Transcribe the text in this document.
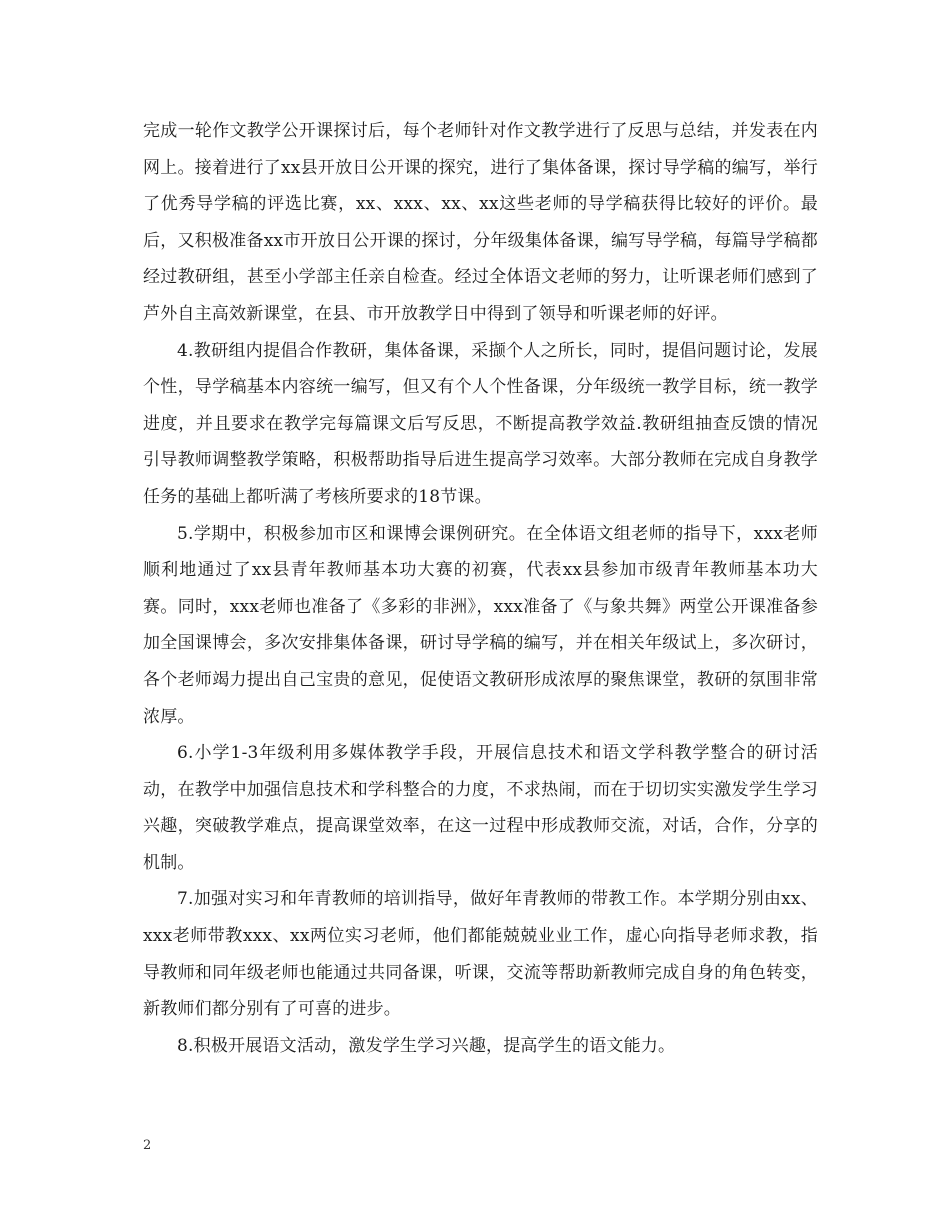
完成一轮作文教学公开课探讨后，每个老师针对作文教学进行了反思与总结，并发表在内网上。接着进行了xx县开放日公开课的探究，进行了集体备课，探讨导学稿的编写，举行了优秀导学稿的评选比赛，xx、xxx、xx、xx这些老师的导学稿获得比较好的评价。最后，又积极准备xx市开放日公开课的探讨，分年级集体备课，编写导学稿，每篇导学稿都经过教研组，甚至小学部主任亲自检查。经过全体语文老师的努力，让听课老师们感到了芦外自主高效新课堂，在县、市开放教学日中得到了领导和听课老师的好评。

4.教研组内提倡合作教研，集体备课，采撷个人之所长，同时，提倡问题讨论，发展个性，导学稿基本内容统一编写，但又有个人个性备课，分年级统一教学目标，统一教学进度，并且要求在教学完每篇课文后写反思，不断提高教学效益.教研组抽查反馈的情况引导教师调整教学策略，积极帮助指导后进生提高学习效率。大部分教师在完成自身教学任务的基础上都听满了考核所要求的18节课。

5.学期中，积极参加市区和课博会课例研究。在全体语文组老师的指导下，xxx老师顺利地通过了xx县青年教师基本功大赛的初赛，代表xx县参加市级青年教师基本功大赛。同时，xxx老师也准备了《多彩的非洲》，xxx准备了《与象共舞》两堂公开课准备参加全国课博会，多次安排集体备课，研讨导学稿的编写，并在相关年级试上，多次研讨，各个老师竭力提出自己宝贵的意见，促使语文教研形成浓厚的聚焦课堂，教研的氛围非常浓厚。

6.小学1-3年级利用多媒体教学手段，开展信息技术和语文学科教学整合的研讨活动，在教学中加强信息技术和学科整合的力度，不求热闹，而在于切切实实激发学生学习兴趣，突破教学难点，提高课堂效率，在这一过程中形成教师交流，对话，合作，分享的机制。

7.加强对实习和年青教师的培训指导，做好年青教师的带教工作。本学期分别由xx、xxx老师带教xxx、xx两位实习老师，他们都能兢兢业业工作，虚心向指导老师求教，指导教师和同年级老师也能通过共同备课，听课，交流等帮助新教师完成自身的角色转变，新教师们都分别有了可喜的进步。

8.积极开展语文活动，激发学生学习兴趣，提高学生的语文能力。

2
